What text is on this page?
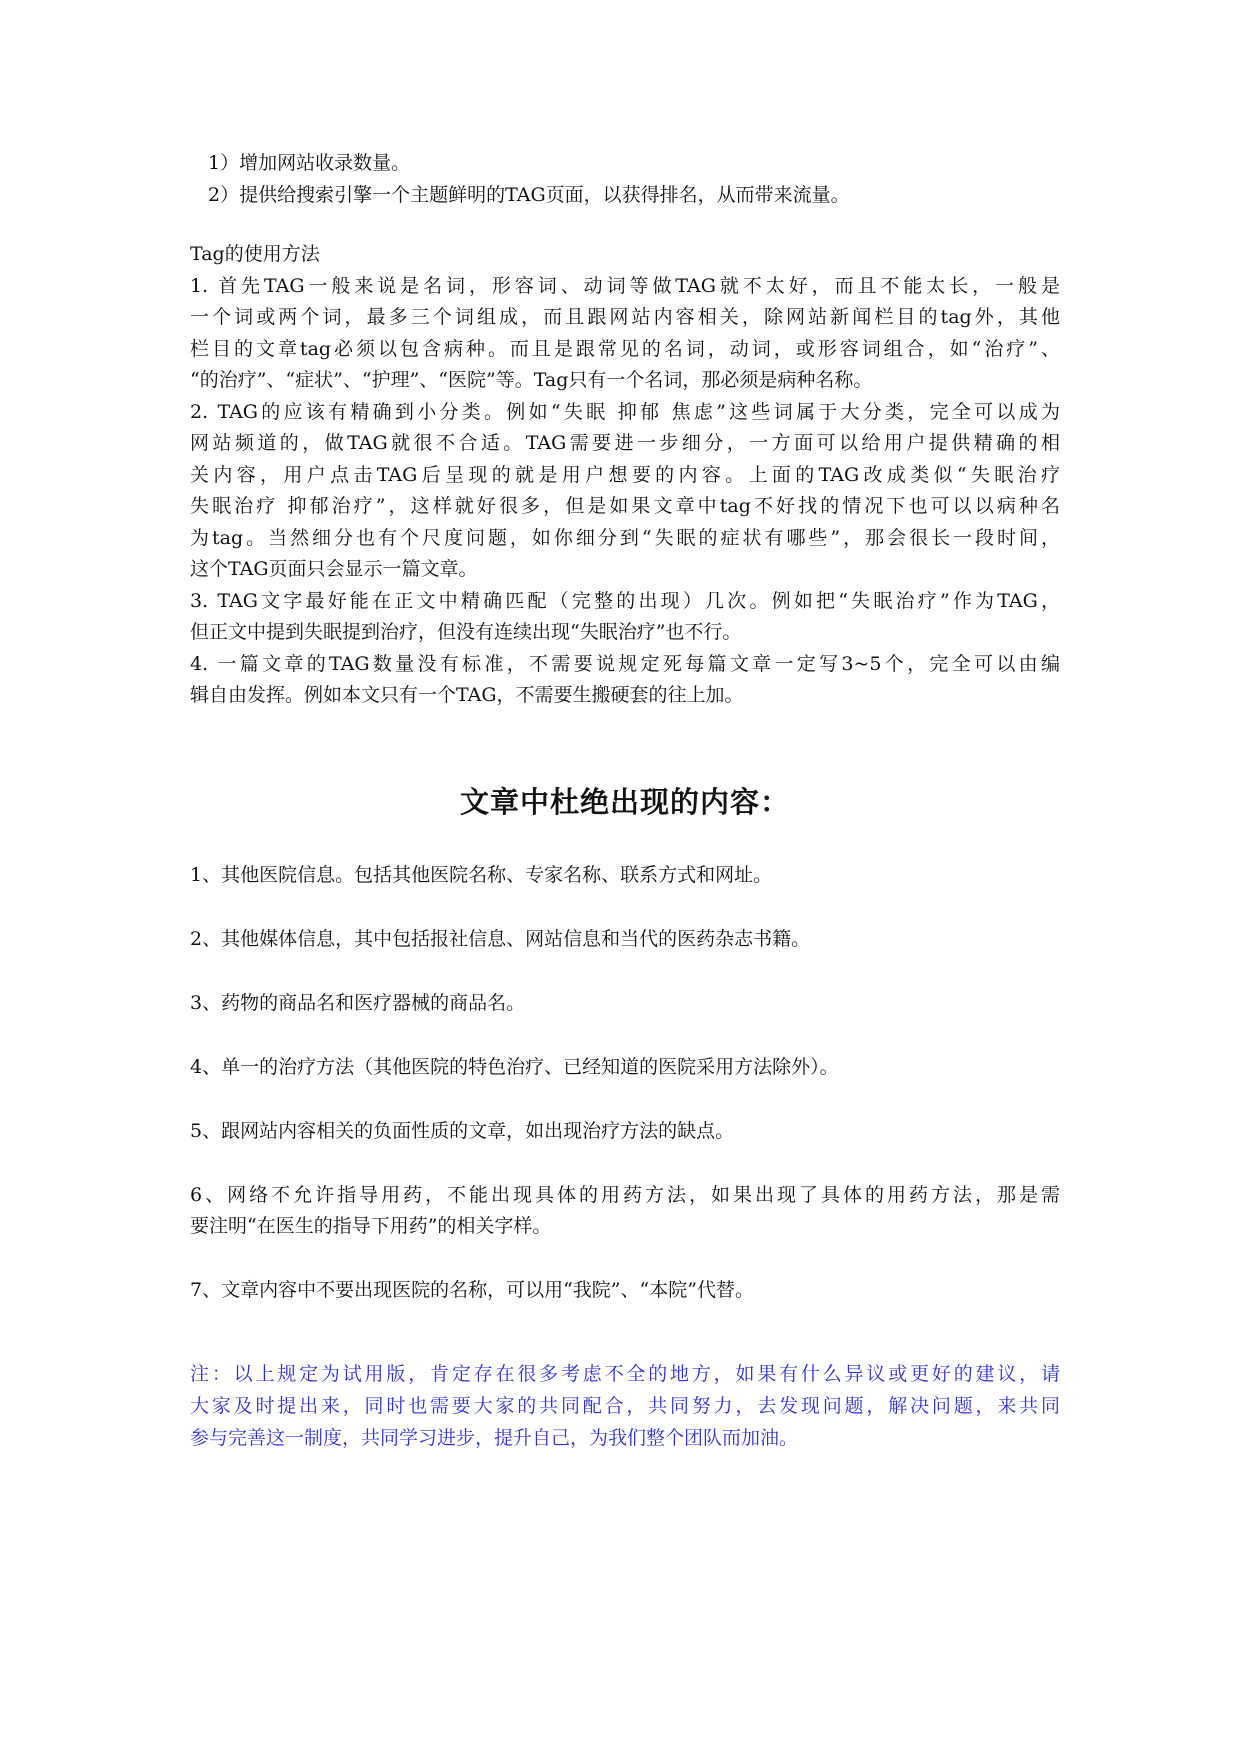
1）增加网站收录数量。
2）提供给搜索引擎一个主题鲜明的TAG页面，以获得排名，从而带来流量。
Tag的使用方法
1. 首先TAG一般来说是名词，形容词、动词等做TAG就不太好，而且不能太长，一般是
一个词或两个词，最多三个词组成，而且跟网站内容相关，除网站新闻栏目的tag外，其他
栏目的文章tag必须以包含病种。而且是跟常见的名词，动词，或形容词组合，如“治疗”、
“的治疗”、“症状”、“护理”、“医院”等。Tag只有一个名词，那必须是病种名称。
2. TAG的应该有精确到小分类。例如“失眠 抑郁 焦虑”这些词属于大分类，完全可以成为
网站频道的，做TAG就很不合适。TAG需要进一步细分，一方面可以给用户提供精确的相
关内容，用户点击TAG后呈现的就是用户想要的内容。上面的TAG改成类似“失眠治疗
失眠治疗 抑郁治疗”，这样就好很多，但是如果文章中tag不好找的情况下也可以以病种名
为tag。当然细分也有个尺度问题，如你细分到“失眠的症状有哪些”，那会很长一段时间，
这个TAG页面只会显示一篇文章。
3. TAG文字最好能在正文中精确匹配（完整的出现）几次。例如把“失眠治疗”作为TAG，
但正文中提到失眠提到治疗，但没有连续出现“失眠治疗”也不行。
4. 一篇文章的TAG数量没有标准，不需要说规定死每篇文章一定写3~5个，完全可以由编
辑自由发挥。例如本文只有一个TAG，不需要生搬硬套的往上加。
文章中杜绝出现的内容：
1、其他医院信息。包括其他医院名称、专家名称、联系方式和网址。
2、其他媒体信息，其中包括报社信息、网站信息和当代的医药杂志书籍。
3、药物的商品名和医疗器械的商品名。
4、单一的治疗方法（其他医院的特色治疗、已经知道的医院采用方法除外）。
5、跟网站内容相关的负面性质的文章，如出现治疗方法的缺点。
6、网络不允许指导用药，不能出现具体的用药方法，如果出现了具体的用药方法，那是需
要注明“在医生的指导下用药”的相关字样。
7、文章内容中不要出现医院的名称，可以用“我院”、“本院”代替。
注：以上规定为试用版，肯定存在很多考虑不全的地方，如果有什么异议或更好的建议，请
大家及时提出来，同时也需要大家的共同配合，共同努力，去发现问题，解决问题，来共同
参与完善这一制度，共同学习进步，提升自己，为我们整个团队而加油。
